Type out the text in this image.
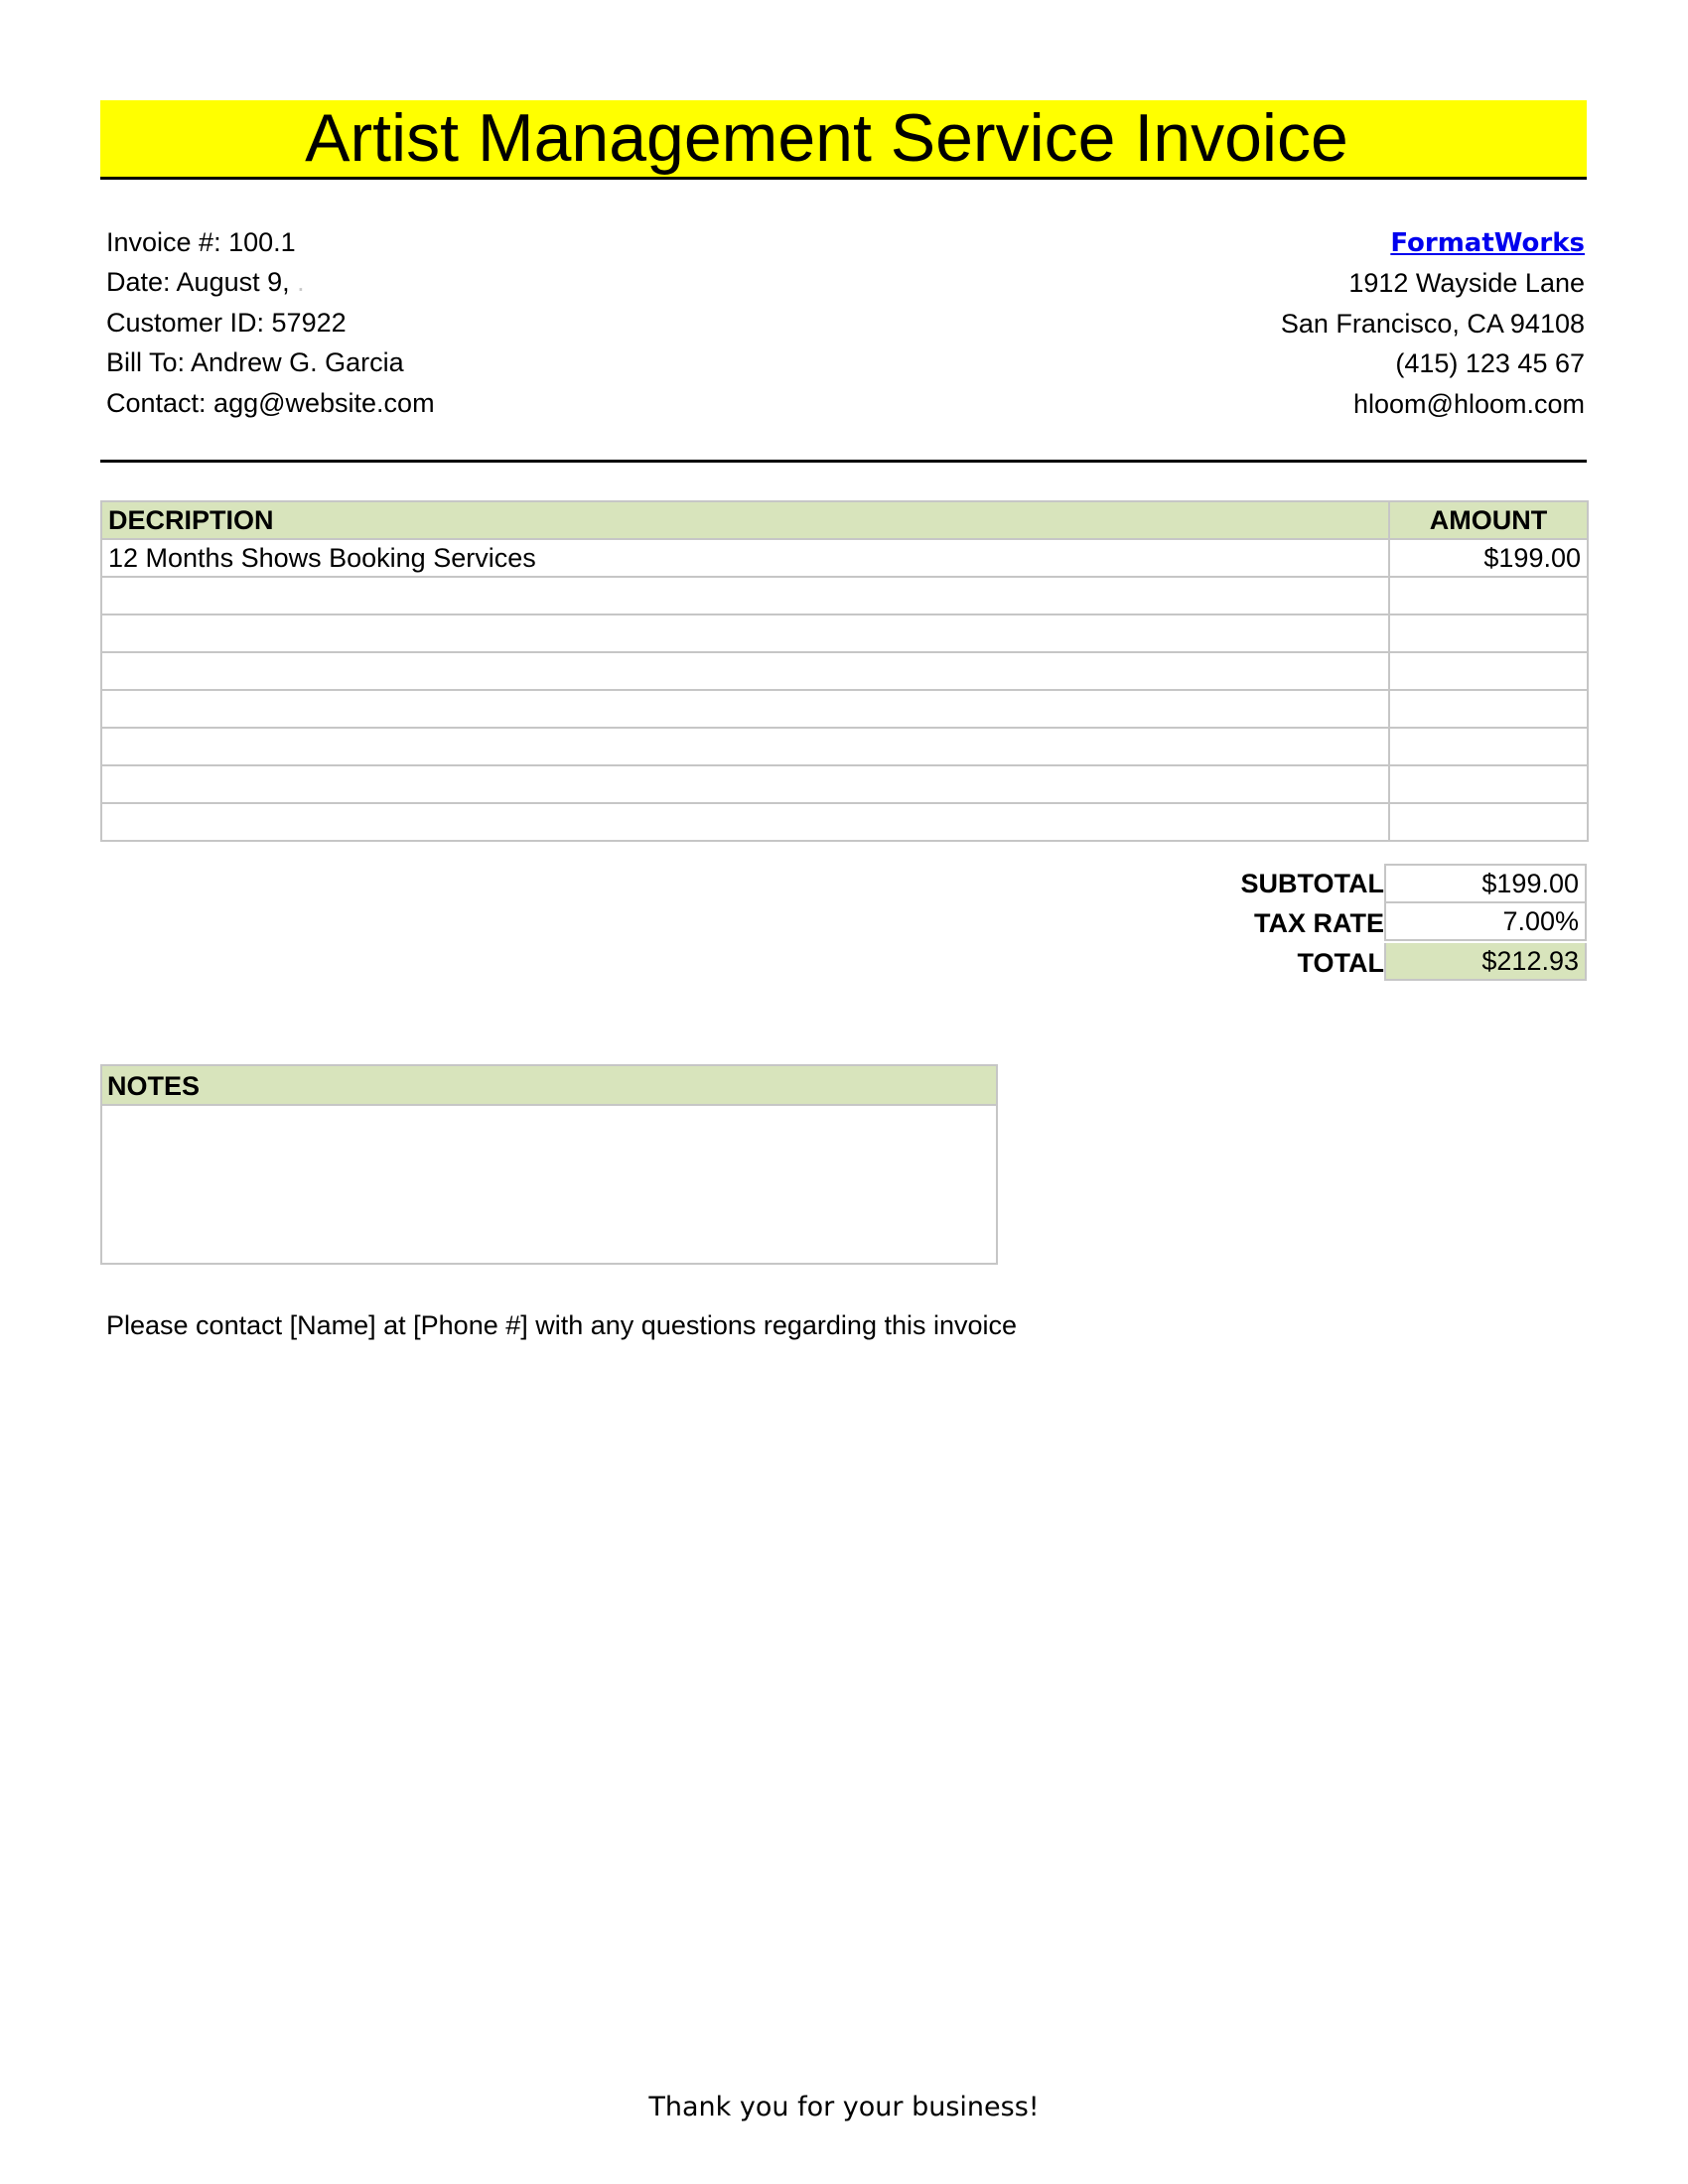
Artist Management Service Invoice
Invoice #: 100.1
Date: August 9, .
Customer ID: 57922
Bill To: Andrew G. Garcia
Contact: agg@website.com
FormatWorks
1912 Wayside Lane
San Francisco, CA 94108
(415) 123 45 67
hloom@hloom.com
DECRIPTION	AMOUNT
12 Months Shows Booking Services	$199.00

SUBTOTAL	$199.00
TAX RATE	7.00%
TOTAL	$212.93
NOTES
Please contact [Name] at [Phone #] with any questions regarding this invoice
Thank you for your business!
